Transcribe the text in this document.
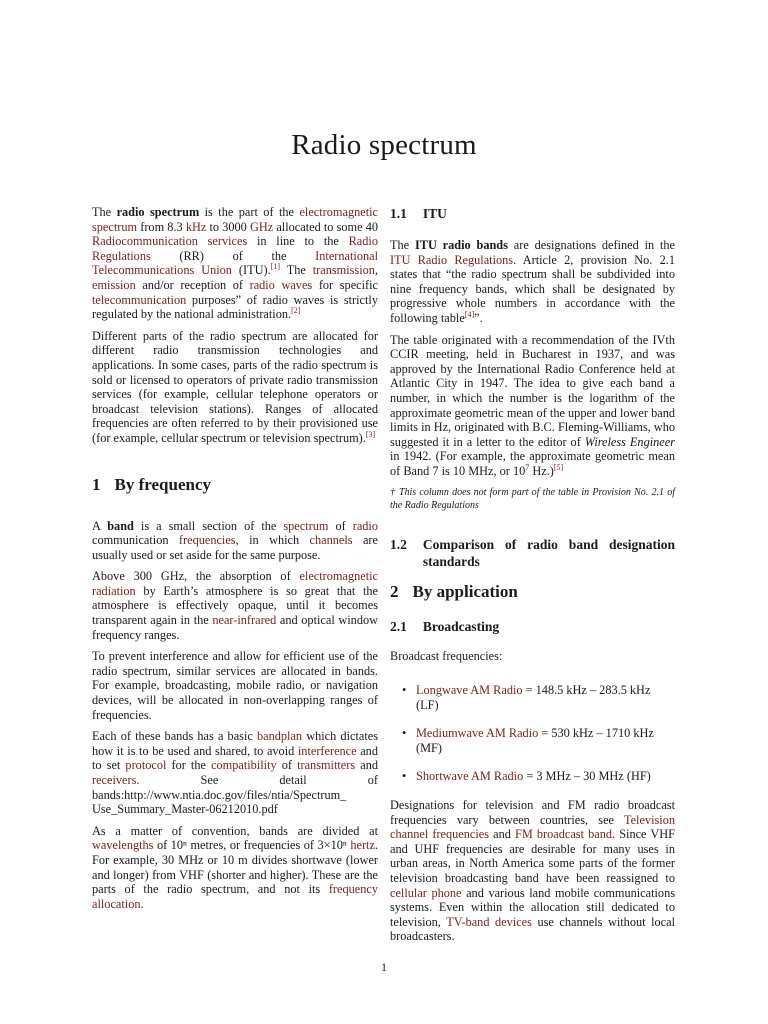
Radio spectrum

The radio spectrum is the part of the electromagnetic spectrum from 8.3 kHz to 3000 GHz allocated to some 40 Radiocommunication services in line to the Radio Regulations (RR) of the International Telecommunications Union (ITU).[1] The transmission, emission and/or reception of radio waves for specific telecommunication purposes” of radio waves is strictly regulated by the national administration.[2]

Different parts of the radio spectrum are allocated for different radio transmission technologies and applications. In some cases, parts of the radio spectrum is sold or licensed to operators of private radio transmission services (for example, cellular telephone operators or broadcast television stations). Ranges of allocated frequencies are often referred to by their provisioned use (for example, cellular spectrum or television spectrum).[3]

1 By frequency

A band is a small section of the spectrum of radio communication frequencies, in which channels are usually used or set aside for the same purpose.

Above 300 GHz, the absorption of electromagnetic radiation by Earth’s atmosphere is so great that the atmosphere is effectively opaque, until it becomes transparent again in the near-infrared and optical window frequency ranges.

To prevent interference and allow for efficient use of the radio spectrum, similar services are allocated in bands. For example, broadcasting, mobile radio, or navigation devices, will be allocated in non-overlapping ranges of frequencies.

Each of these bands has a basic bandplan which dictates how it is to be used and shared, to avoid interference and to set protocol for the compatibility of transmitters and receivers. See detail of bands:http://www.ntia.doc.gov/files/ntia/Spectrum_ Use_Summary_Master-06212010.pdf

As a matter of convention, bands are divided at wavelengths of 10ⁿ metres, or frequencies of 3×10ⁿ hertz. For example, 30 MHz or 10 m divides shortwave (lower and longer) from VHF (shorter and higher). These are the parts of the radio spectrum, and not its frequency allocation.

1.1 ITU

The ITU radio bands are designations defined in the ITU Radio Regulations. Article 2, provision No. 2.1 states that “the radio spectrum shall be subdivided into nine frequency bands, which shall be designated by progressive whole numbers in accordance with the following table[4]”.

The table originated with a recommendation of the IVth CCIR meeting, held in Bucharest in 1937, and was approved by the International Radio Conference held at Atlantic City in 1947. The idea to give each band a number, in which the number is the logarithm of the approximate geometric mean of the upper and lower band limits in Hz, originated with B.C. Fleming-Williams, who suggested it in a letter to the editor of Wireless Engineer in 1942. (For example, the approximate geometric mean of Band 7 is 10 MHz, or $10^7$ Hz.)[5]

† This column does not form part of the table in Provision No. 2.1 of the Radio Regulations

1.2 Comparison of radio band designation standards
2 By application
2.1 Broadcasting

Broadcast frequencies:

• Longwave AM Radio = 148.5 kHz – 283.5 kHz (LF)
• Mediumwave AM Radio = 530 kHz – 1710 kHz (MF)
• Shortwave AM Radio = 3 MHz – 30 MHz (HF)

Designations for television and FM radio broadcast frequencies vary between countries, see Television channel frequencies and FM broadcast band. Since VHF and UHF frequencies are desirable for many uses in urban areas, in North America some parts of the former television broadcasting band have been reassigned to cellular phone and various land mobile communications systems. Even within the allocation still dedicated to television, TV-band devices use channels without local broadcasters.

1
